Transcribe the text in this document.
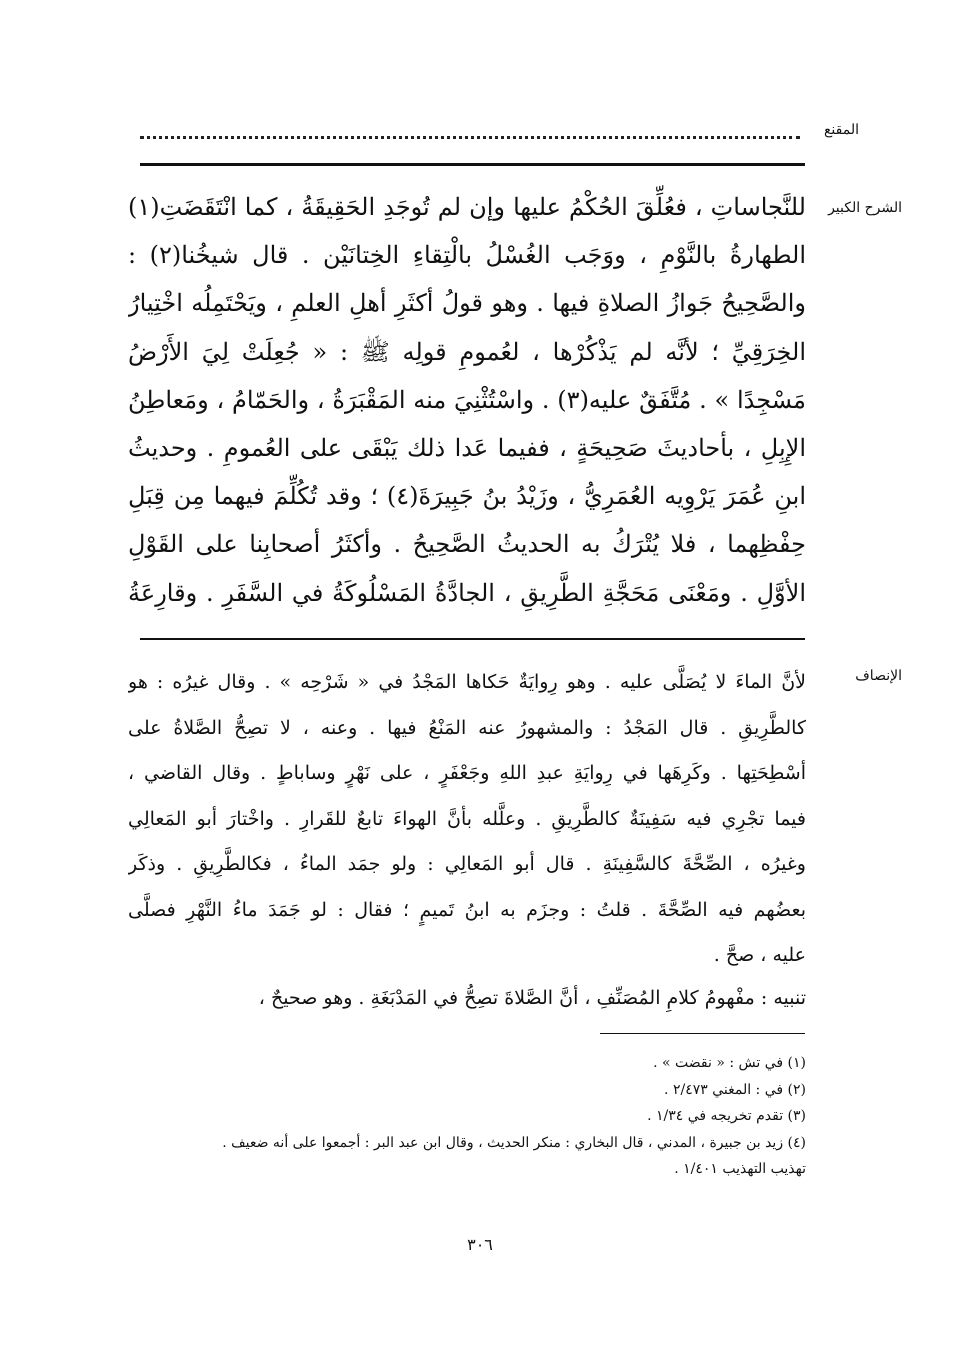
المقنع
الشرح الكبير
للنَّجاساتِ ، فعُلِّقَ الحُكْمُ عليها وإن لم تُوجَدِ الحَقِيقَةُ ، كما انْتَقَضَتِ(١)
الطهارةُ بالنَّوْمِ ، ووَجَب الغُسْلُ بالْتِقاءِ الخِتانَيْن . قال شيخُنا(٢) :
والصَّحِيحُ جَوازُ الصلاةِ فيها . وهو قولُ أكثَرِ أهلِ العلمِ ، ويَحْتَمِلُه اخْتِيارُ
الخِرَقِيِّ ؛ لأنَّه لم يَذْكُرْها ، لعُمومِ قولِه ﷺ : « جُعِلَتْ لِيَ الأَرْضُ
مَسْجِدًا » . مُتَّفَقٌ عليه(٣) . واسْتُثْنِيَ منه المَقْبَرَةُ ، والحَمّامُ ، ومَعاطِنُ
الإِبِلِ ، بأحاديثَ صَحِيحَةٍ ، ففيما عَدا ذلك يَبْقَى على العُمومِ . وحديثُ
ابنِ عُمَرَ يَرْوِيه العُمَرِيُّ ، وزَيْدُ بنُ جَبِيرَةَ(٤) ؛ وقد تُكُلِّمَ فيهما مِن قِبَلِ
حِفْظِهما ، فلا يُتْرَكُ به الحديثُ الصَّحِيحُ . وأكثَرُ أصحابِنا على القَوْلِ
الأوَّلِ . ومَعْنَى مَحَجَّةِ الطَّرِيقِ ، الجادَّةُ المَسْلُوكَةُ في السَّفَرِ . وقارِعَةُ
الإنصاف
لأنَّ الماءَ لا يُصَلَّى عليه . وهو رِوايَةٌ حَكاها المَجْدُ في « شَرْحِه » . وقال غيرُه : هو
كالطَّرِيقِ . قال المَجْدُ : والمشهورُ عنه المَنْعُ فيها . وعنه ، لا تصِحُّ الصَّلاةُ على
أسْطِحَتِها . وكَرِهَها في رِوايَةِ عبدِ اللهِ وجَعْفَرٍ ، على نَهْرٍ وساباطٍ . وقال القاضي ،
فيما تجْرِي فيه سَفِينَةٌ كالطَّرِيقِ . وعلَّله بأنَّ الهواءَ تابعٌ للقَرارِ . واخْتارَ أبو المَعالِي
وغيرُه ، الصِّحَّةَ كالسَّفِينَةِ . قال أبو المَعالِي : ولو جمَد الماءُ ، فكالطَّرِيقِ . وذكَر
بعضُهم فيه الصِّحَّةَ . قلتُ : وجزَم به ابنُ تَميمٍ ؛ فقال : لو جَمَدَ ماءُ النَّهْرِ فصلَّى
عليه ، صحَّ .
تنبيه : مفْهومُ كلامِ المُصَنِّفِ ، أنَّ الصَّلاةَ تصِحُّ في المَدْبَغَةِ . وهو صحيحٌ ،
(١) في تش : « نقضت » .
(٢) في : المغني ٢/٤٧٣ .
(٣) تقدم تخريجه في ١/٣٤ .
(٤) زيد بن جبيرة ، المدني ، قال البخاري : منكر الحديث ، وقال ابن عبد البر : أجمعوا على أنه ضعيف .
تهذيب التهذيب ١/٤٠١ .
٣٠٦
